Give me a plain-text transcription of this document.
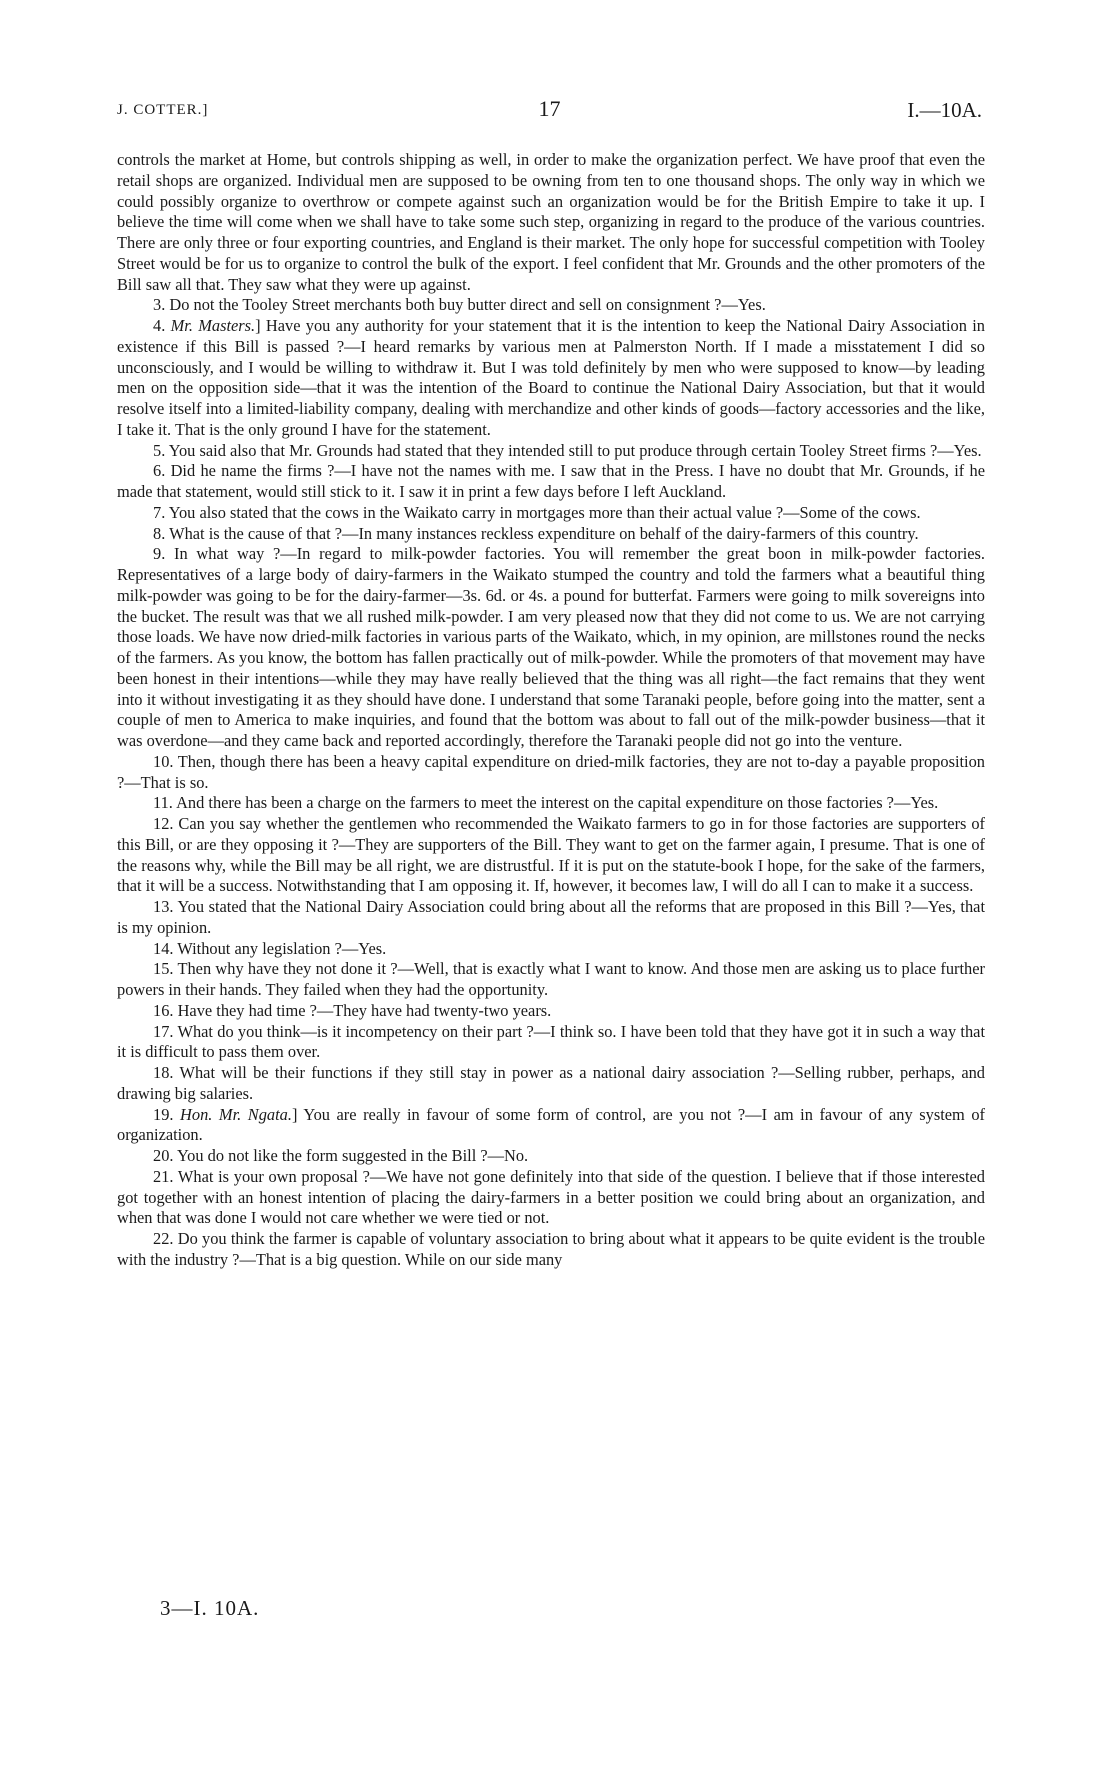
J. COTTER.]	17	I.—10A.

controls the market at Home, but controls shipping as well, in order to make the organization perfect. We have proof that even the retail shops are organized. Individual men are supposed to be owning from ten to one thousand shops. The only way in which we could possibly organize to overthrow or compete against such an organization would be for the British Empire to take it up. I believe the time will come when we shall have to take some such step, organizing in regard to the produce of the various countries. There are only three or four exporting countries, and England is their market. The only hope for successful competition with Tooley Street would be for us to organize to control the bulk of the export. I feel confident that Mr. Grounds and the other promoters of the Bill saw all that. They saw what they were up against.

3. Do not the Tooley Street merchants both buy butter direct and sell on consignment ?—Yes.

4. Mr. Masters.] Have you any authority for your statement that it is the intention to keep the National Dairy Association in existence if this Bill is passed ?—I heard remarks by various men at Palmerston North. If I made a misstatement I did so unconsciously, and I would be willing to withdraw it. But I was told definitely by men who were supposed to know—by leading men on the opposition side—that it was the intention of the Board to continue the National Dairy Association, but that it would resolve itself into a limited-liability company, dealing with merchandize and other kinds of goods—factory accessories and the like, I take it. That is the only ground I have for the statement.

5. You said also that Mr. Grounds had stated that they intended still to put produce through certain Tooley Street firms ?—Yes.

6. Did he name the firms ?—I have not the names with me. I saw that in the Press. I have no doubt that Mr. Grounds, if he made that statement, would still stick to it. I saw it in print a few days before I left Auckland.

7. You also stated that the cows in the Waikato carry in mortgages more than their actual value ?—Some of the cows.

8. What is the cause of that ?—In many instances reckless expenditure on behalf of the dairy-farmers of this country.

9. In what way ?—In regard to milk-powder factories. You will remember the great boon in milk-powder factories. Representatives of a large body of dairy-farmers in the Waikato stumped the country and told the farmers what a beautiful thing milk-powder was going to be for the dairy-farmer—3s. 6d. or 4s. a pound for butterfat. Farmers were going to milk sovereigns into the bucket. The result was that we all rushed milk-powder. I am very pleased now that they did not come to us. We are not carrying those loads. We have now dried-milk factories in various parts of the Waikato, which, in my opinion, are millstones round the necks of the farmers. As you know, the bottom has fallen practically out of milk-powder. While the promoters of that movement may have been honest in their intentions—while they may have really believed that the thing was all right—the fact remains that they went into it without investigating it as they should have done. I understand that some Taranaki people, before going into the matter, sent a couple of men to America to make inquiries, and found that the bottom was about to fall out of the milk-powder business—that it was overdone—and they came back and reported accordingly, therefore the Taranaki people did not go into the venture.

10. Then, though there has been a heavy capital expenditure on dried-milk factories, they are not to-day a payable proposition ?—That is so.

11. And there has been a charge on the farmers to meet the interest on the capital expenditure on those factories ?—Yes.

12. Can you say whether the gentlemen who recommended the Waikato farmers to go in for those factories are supporters of this Bill, or are they opposing it ?—They are supporters of the Bill. They want to get on the farmer again, I presume. That is one of the reasons why, while the Bill may be all right, we are distrustful. If it is put on the statute-book I hope, for the sake of the farmers, that it will be a success. Notwithstanding that I am opposing it. If, however, it becomes law, I will do all I can to make it a success.

13. You stated that the National Dairy Association could bring about all the reforms that are proposed in this Bill ?—Yes, that is my opinion.

14. Without any legislation ?—Yes.

15. Then why have they not done it ?—Well, that is exactly what I want to know. And those men are asking us to place further powers in their hands. They failed when they had the opportunity.

16. Have they had time ?—They have had twenty-two years.

17. What do you think—is it incompetency on their part ?—I think so. I have been told that they have got it in such a way that it is difficult to pass them over.

18. What will be their functions if they still stay in power as a national dairy association ?—Selling rubber, perhaps, and drawing big salaries.

19. Hon. Mr. Ngata.] You are really in favour of some form of control, are you not ?—I am in favour of any system of organization.

20. You do not like the form suggested in the Bill ?—No.

21. What is your own proposal ?—We have not gone definitely into that side of the question. I believe that if those interested got together with an honest intention of placing the dairy-farmers in a better position we could bring about an organization, and when that was done I would not care whether we were tied or not.

22. Do you think the farmer is capable of voluntary association to bring about what it appears to be quite evident is the trouble with the industry ?—That is a big question. While on our side many

3—I. 10A.
